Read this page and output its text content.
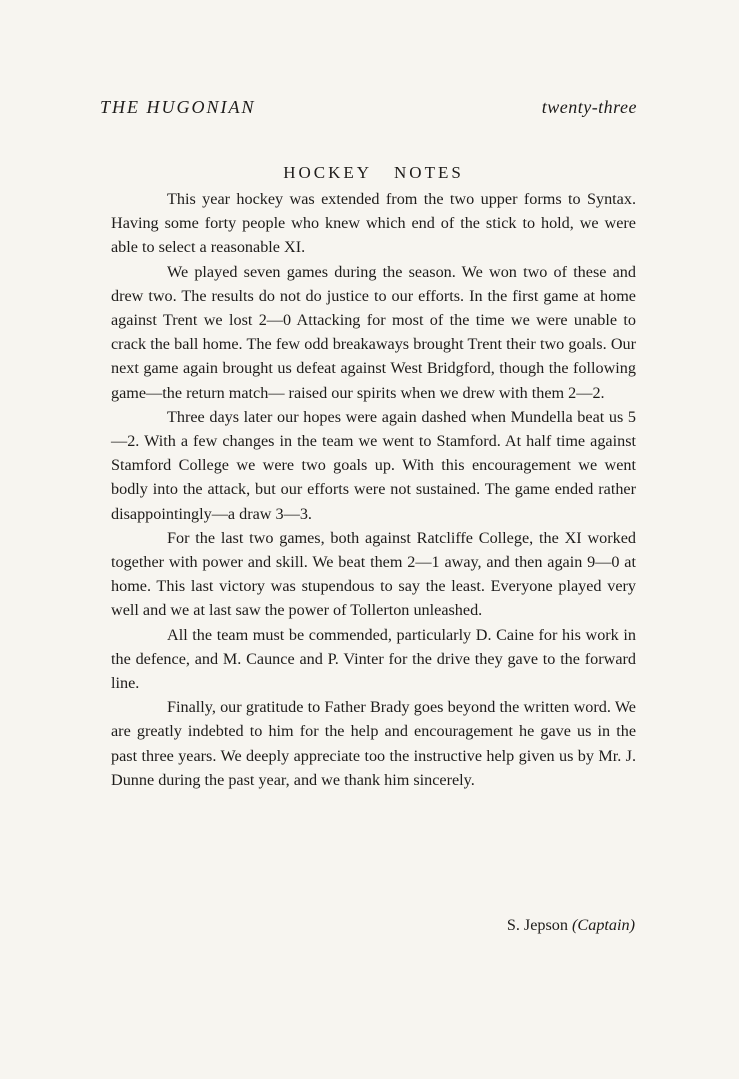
THE HUGONIAN	twenty-three
HOCKEY NOTES

This year hockey was extended from the two upper forms to Syntax. Having some forty people who knew which end of the stick to hold, we were able to select a reasonable XI.

We played seven games during the season. We won two of these and drew two. The results do not do justice to our efforts. In the first game at home against Trent we lost 2—0 Attacking for most of the time we were unable to crack the ball home. The few odd breakaways brought Trent their two goals. Our next game again brought us defeat against West Bridgford, though the following game—the return match— raised our spirits when we drew with them 2—2.

Three days later our hopes were again dashed when Mundella beat us 5—2. With a few changes in the team we went to Stamford. At half time against Stamford College we were two goals up. With this encouragement we went bodly into the attack, but our efforts were not sustained. The game ended rather disappointingly—a draw 3—3.

For the last two games, both against Ratcliffe College, the XI worked together with power and skill. We beat them 2—1 away, and then again 9—0 at home. This last victory was stupendous to say the least. Everyone played very well and we at last saw the power of Tollerton unleashed.

All the team must be commended, particularly D. Caine for his work in the defence, and M. Caunce and P. Vinter for the drive they gave to the forward line.

Finally, our gratitude to Father Brady goes beyond the written word. We are greatly indebted to him for the help and encouragement he gave us in the past three years. We deeply appreciate too the instructive help given us by Mr. J. Dunne during the past year, and we thank him sincerely.

S. Jepson (Captain)
